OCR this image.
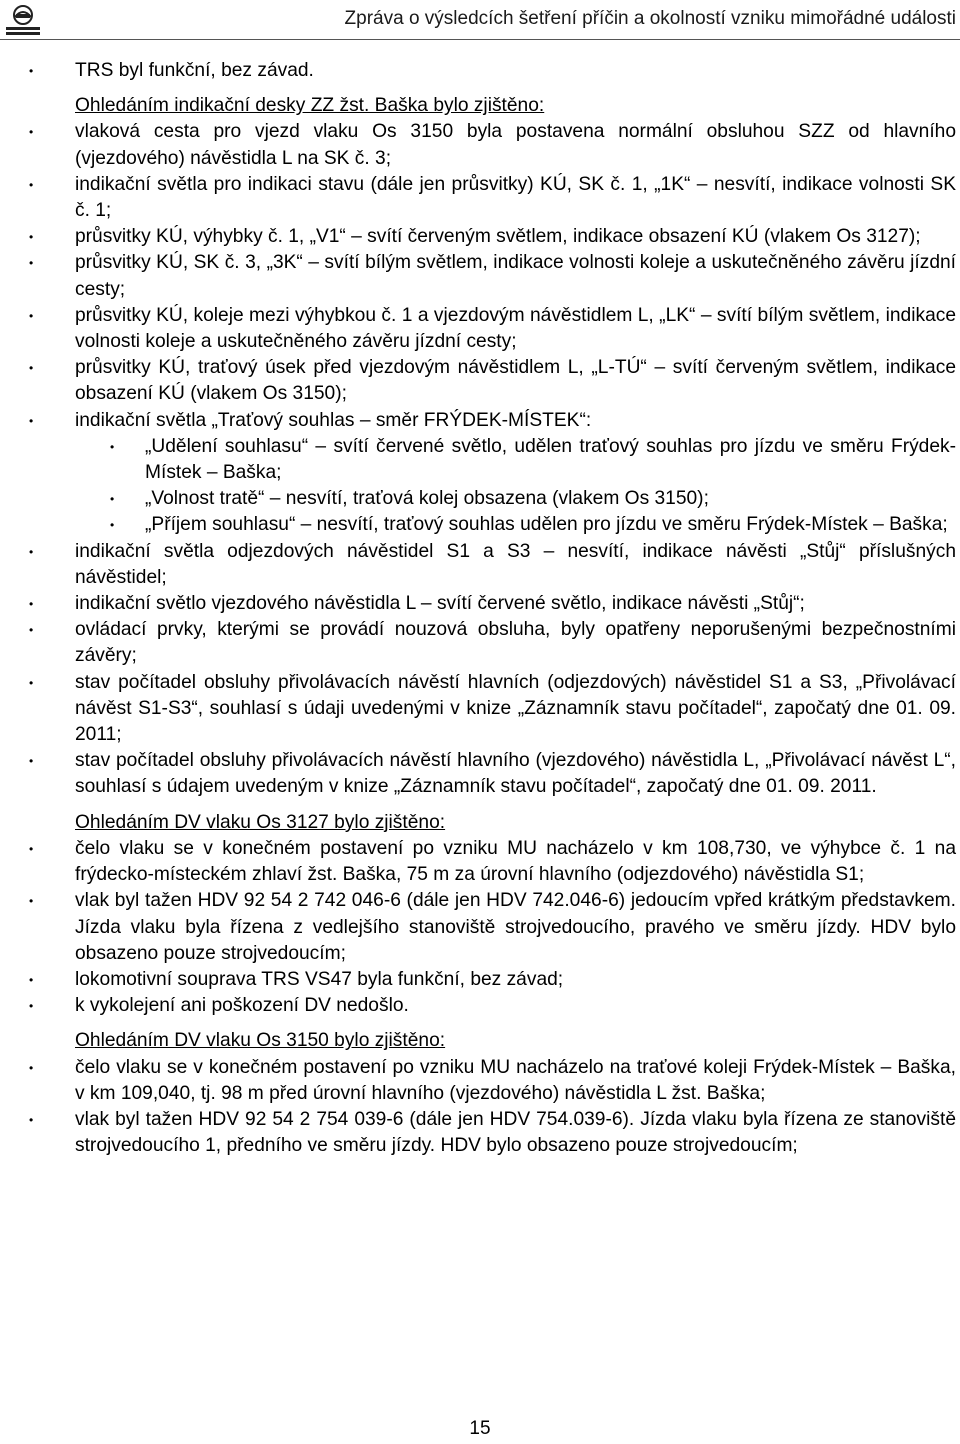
Zpráva o výsledcích šetření příčin a okolností vzniku mimořádné události
• TRS byl funkční, bez závad.
Ohledáním indikační desky ZZ žst. Baška bylo zjištěno:
• vlaková cesta pro vjezd vlaku Os 3150 byla postavena normální obsluhou SZZ od hlavního (vjezdového) návěstidla L na SK č. 3;
• indikační světla pro indikaci stavu (dále jen průsvitky) KÚ, SK č. 1, „1K“ – nesvítí, indikace volnosti SK č. 1;
• průsvitky KÚ, výhybky č. 1, „V1“ – svítí červeným světlem, indikace obsazení KÚ (vlakem Os 3127);
• průsvitky KÚ, SK č. 3, „3K“ – svítí bílým světlem, indikace volnosti koleje a uskutečněného závěru jízdní cesty;
• průsvitky KÚ, koleje mezi výhybkou č. 1 a vjezdovým návěstidlem L, „LK“ – svítí bílým světlem, indikace volnosti koleje a uskutečněného závěru jízdní cesty;
• průsvitky KÚ, traťový úsek před vjezdovým návěstidlem L, „L-TÚ“ – svítí červeným světlem, indikace obsazení KÚ (vlakem Os 3150);
• indikační světla „Traťový souhlas – směr FRÝDEK-MÍSTEK“:
• „Udělení souhlasu“ – svítí červené světlo, udělen traťový souhlas pro jízdu ve směru Frýdek-Místek – Baška;
• „Volnost tratě“ – nesvítí, traťová kolej obsazena (vlakem Os 3150);
• „Příjem souhlasu“ – nesvítí, traťový souhlas udělen pro jízdu ve směru Frýdek-Místek – Baška;
• indikační světla odjezdových návěstidel S1 a S3 – nesvítí, indikace návěsti „Stůj“ příslušných návěstidel;
• indikační světlo vjezdového návěstidla L – svítí červené světlo, indikace návěsti „Stůj“;
• ovládací prvky, kterými se provádí nouzová obsluha, byly opatřeny neporušenými bezpečnostními závěry;
• stav počítadel obsluhy přivolávacích návěstí hlavních (odjezdových) návěstidel S1 a S3, „Přivolávací návěst S1-S3“, souhlasí s údaji uvedenými v knize „Záznamník stavu počítadel“, započatý dne 01. 09. 2011;
• stav počítadel obsluhy přivolávacích návěstí hlavního (vjezdového) návěstidla L, „Přivolávací návěst L“, souhlasí s údajem uvedeným v knize „Záznamník stavu počítadel“, započatý dne 01. 09. 2011.
Ohledáním DV vlaku Os 3127 bylo zjištěno:
• čelo vlaku se v konečném postavení po vzniku MU nacházelo v km 108,730, ve výhybce č. 1 na frýdecko-místeckém zhlaví žst. Baška, 75 m za úrovní hlavního (odjezdového) návěstidla S1;
• vlak byl tažen HDV 92 54 2 742 046-6 (dále jen HDV 742.046-6) jedoucím vpřed krátkým představkem. Jízda vlaku byla řízena z vedlejšího stanoviště strojvedoucího, pravého ve směru jízdy. HDV bylo obsazeno pouze strojvedoucím;
• lokomotivní souprava TRS VS47 byla funkční, bez závad;
• k vykolejení ani poškození DV nedošlo.
Ohledáním DV vlaku Os 3150 bylo zjištěno:
• čelo vlaku se v konečném postavení po vzniku MU nacházelo na traťové koleji Frýdek-Místek – Baška, v km 109,040, tj. 98 m před úrovní hlavního (vjezdového) návěstidla L žst. Baška;
• vlak byl tažen HDV 92 54 2 754 039-6 (dále jen HDV 754.039-6). Jízda vlaku byla řízena ze stanoviště strojvedoucího 1, předního ve směru jízdy. HDV bylo obsazeno pouze strojvedoucím;
15
